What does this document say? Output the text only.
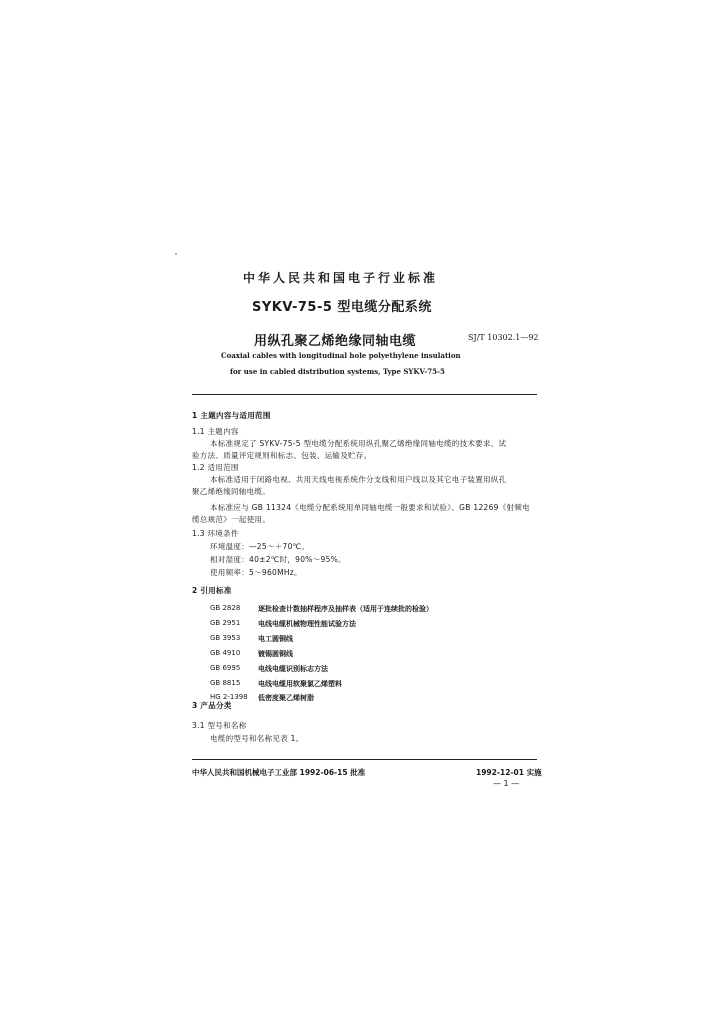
中华人民共和国电子行业标准
SYKV-75-5 型电缆分配系统
用纵孔聚乙烯绝缘同轴电缆	SJ/T 10302.1—92
Coaxial cables with longitudinal hole polyethylene insulation
for use in cabled distribution systems, Type SYKV-75-5
1 主题内容与适用范围
1.1 主题内容
本标准规定了 SYKV-75-5 型电缆分配系统用纵孔聚乙烯绝缘同轴电缆的技术要求、试
验方法、质量评定规则和标志、包装、运输及贮存。
1.2 适用范围
本标准适用于闭路电视、共用天线电视系统作分支线和用户线以及其它电子装置用纵孔
聚乙烯绝缘同轴电缆。
本标准应与 GB 11324《电缆分配系统用单同轴电缆一般要求和试验》、GB 12269《射频电
缆总规范》一起使用。
1.3 环境条件
环境温度：—25～＋70℃。
相对湿度：40±2℃时，90%～95%。
使用频率：5～960MHz。
2 引用标准
GB 2828	逐批检查计数抽样程序及抽样表（适用于连续批的检验）
GB 2951	电线电缆机械物理性能试验方法
GB 3953	电工圆铜线
GB 4910	镀锡圆铜线
GB 6995	电线电缆识别标志方法
GB 8815	电线电缆用软聚氯乙烯塑料
HG 2-1398 低密度聚乙烯树脂
3 产品分类
3.1 型号和名称
电缆的型号和名称见表 1。
中华人民共和国机械电子工业部 1992-06-15 批准	1992-12-01 实施
— 1 —
